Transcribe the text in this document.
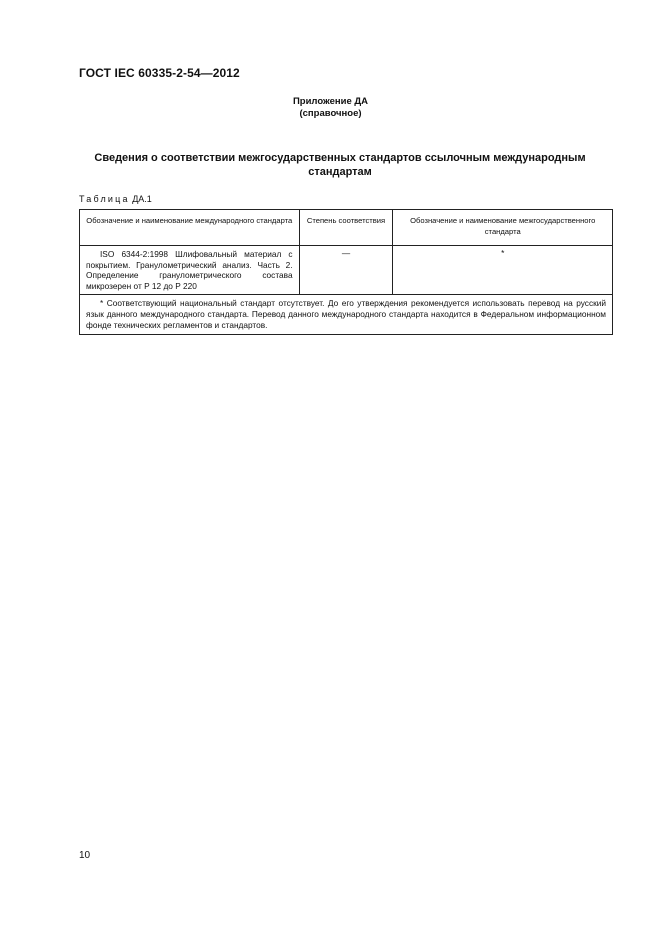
ГОСТ IEC 60335-2-54—2012
Приложение ДА
(справочное)
Сведения о соответствии межгосударственных стандартов ссылочным международным стандартам
Таблица ДА.1
Обозначение и наименование международного стандарта	Степень соответствия	Обозначение и наименование межгосударственного стандарта
ISO 6344-2:1998 Шлифовальный материал с покрытием. Гранулометрический анализ. Часть 2. Определение гранулометрического состава микрозерен от Р 12 до Р 220	—	*
* Соответствующий национальный стандарт отсутствует. До его утверждения рекомендуется использовать перевод на русский язык данного международного стандарта. Перевод данного международного стандарта находится в Федеральном информационном фонде технических регламентов и стандартов.		
10
